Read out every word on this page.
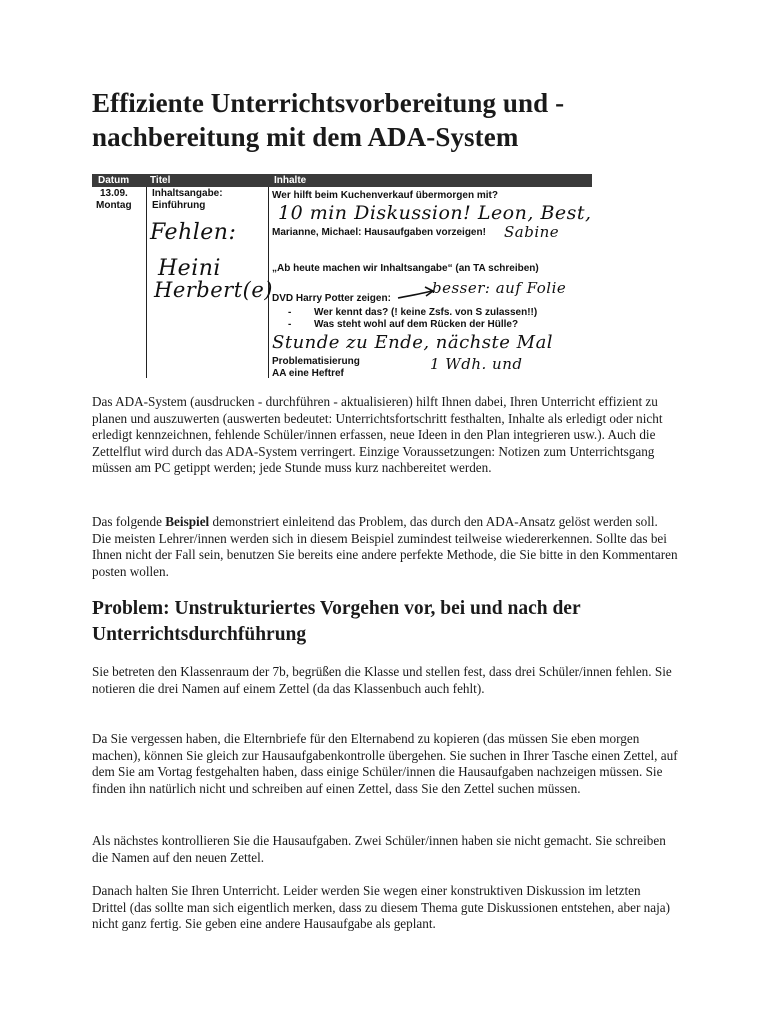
Effiziente Unterrichtsvorbereitung und - nachbereitung mit dem ADA-System
Datum Titel	Inhalte
13.09.
Montag
Inhaltsangabe:
Einführung
Wer hilft beim Kuchenverkauf übermorgen mit?
10 min Diskussion! Leon, Best,
Marianne, Michael: Hausaufgaben vorzeigen! Sabine
Fehlen:
Heini
Herbert(e)
„Ab heute machen wir Inhaltsangabe“ (an TA schreiben)
DVD Harry Potter zeigen:
besser: auf Folie
- Wer kennt das? (! keine Zsfs. von S zulassen!!)
- Was steht wohl auf dem Rücken der Hülle?
Stunde zu Ende, nächste Mal
Problematisierung
AA eine Heftref
1 Wdh. und

Das ADA-System (ausdrucken - durchführen - aktualisieren) hilft Ihnen dabei, Ihren Unterricht effizient zu planen und auszuwerten (auswerten bedeutet: Unterrichtsfortschritt festhalten, Inhalte als erledigt oder nicht erledigt kennzeichnen, fehlende Schüler/innen erfassen, neue Ideen in den Plan integrieren usw.). Auch die Zettelflut wird durch das ADA-System verringert. Einzige Voraussetzungen: Notizen zum Unterrichtsgang müssen am PC getippt werden; jede Stunde muss kurz nachbereitet werden.

Das folgende Beispiel demonstriert einleitend das Problem, das durch den ADA-Ansatz gelöst werden soll. Die meisten Lehrer/innen werden sich in diesem Beispiel zumindest teilweise wiedererkennen. Sollte das bei Ihnen nicht der Fall sein, benutzen Sie bereits eine andere perfekte Methode, die Sie bitte in den Kommentaren posten wollen.

Problem: Unstrukturiertes Vorgehen vor, bei und nach der Unterrichtsdurchführung

Sie betreten den Klassenraum der 7b, begrüßen die Klasse und stellen fest, dass drei Schüler/innen fehlen. Sie notieren die drei Namen auf einem Zettel (da das Klassenbuch auch fehlt).

Da Sie vergessen haben, die Elternbriefe für den Elternabend zu kopieren (das müssen Sie eben morgen machen), können Sie gleich zur Hausaufgabenkontrolle übergehen. Sie suchen in Ihrer Tasche einen Zettel, auf dem Sie am Vortag festgehalten haben, dass einige Schüler/innen die Hausaufgaben nachzeigen müssen. Sie finden ihn natürlich nicht und schreiben auf einen Zettel, dass Sie den Zettel suchen müssen.

Als nächstes kontrollieren Sie die Hausaufgaben. Zwei Schüler/innen haben sie nicht gemacht. Sie schreiben die Namen auf den neuen Zettel.

Danach halten Sie Ihren Unterricht. Leider werden Sie wegen einer konstruktiven Diskussion im letzten Drittel (das sollte man sich eigentlich merken, dass zu diesem Thema gute Diskussionen entstehen, aber naja) nicht ganz fertig. Sie geben eine andere Hausaufgabe als geplant.
